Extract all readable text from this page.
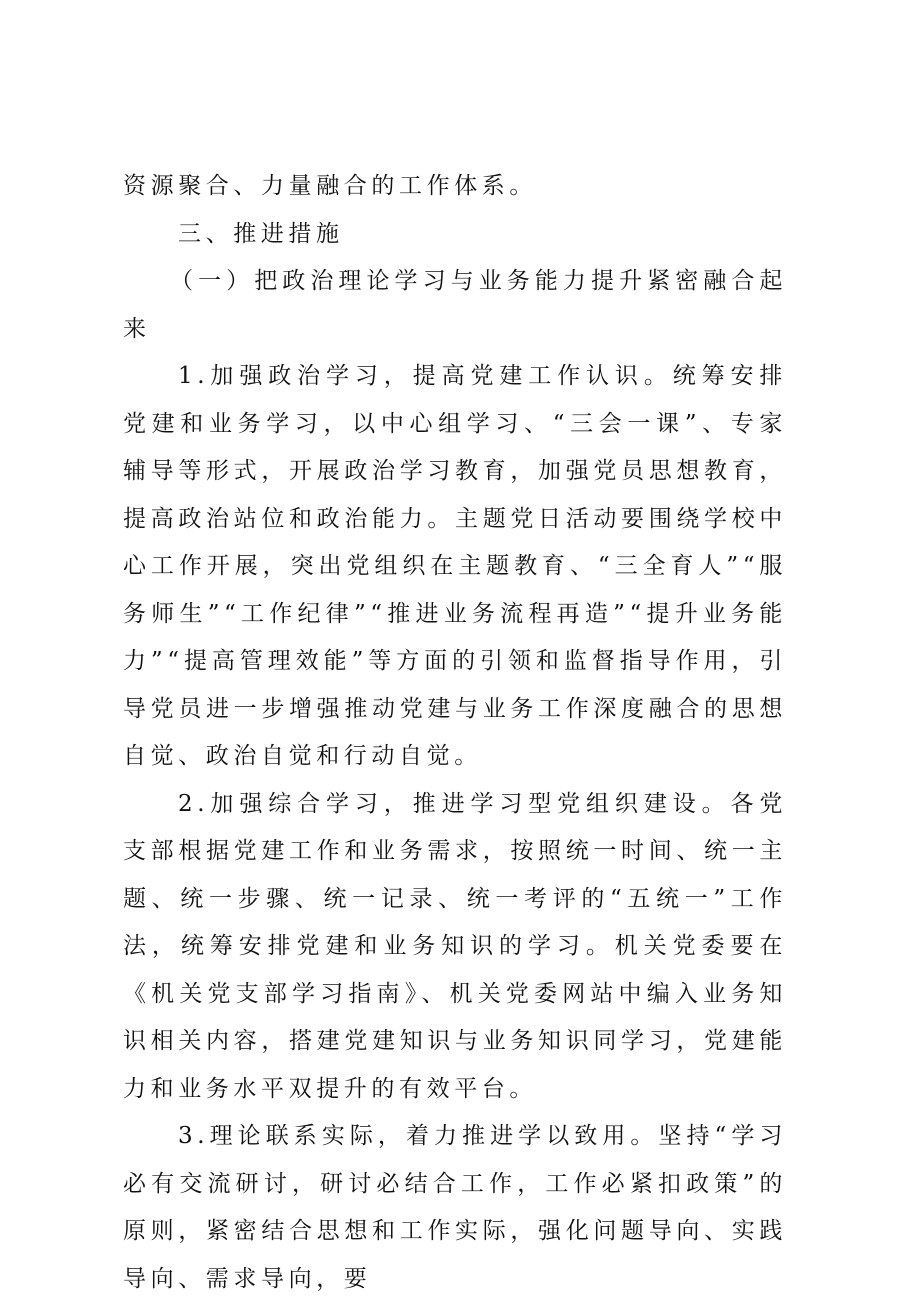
资源聚合、力量融合的工作体系。

三、推进措施

（一）把政治理论学习与业务能力提升紧密融合起来

1.加强政治学习，提高党建工作认识。统筹安排党建和业务学习，以中心组学习、“三会一课”、专家辅导等形式，开展政治学习教育，加强党员思想教育，提高政治站位和政治能力。主题党日活动要围绕学校中心工作开展，突出党组织在主题教育、“三全育人”“服务师生”“工作纪律”“推进业务流程再造”“提升业务能力”“提高管理效能”等方面的引领和监督指导作用，引导党员进一步增强推动党建与业务工作深度融合的思想自觉、政治自觉和行动自觉。

2.加强综合学习，推进学习型党组织建设。各党支部根据党建工作和业务需求，按照统一时间、统一主题、统一步骤、统一记录、统一考评的“五统一”工作法，统筹安排党建和业务知识的学习。机关党委要在《机关党支部学习指南》、机关党委网站中编入业务知识相关内容，搭建党建知识与业务知识同学习，党建能力和业务水平双提升的有效平台。

3.理论联系实际，着力推进学以致用。坚持“学习必有交流研讨，研讨必结合工作，工作必紧扣政策”的原则，紧密结合思想和工作实际，强化问题导向、实践导向、需求导向，要
